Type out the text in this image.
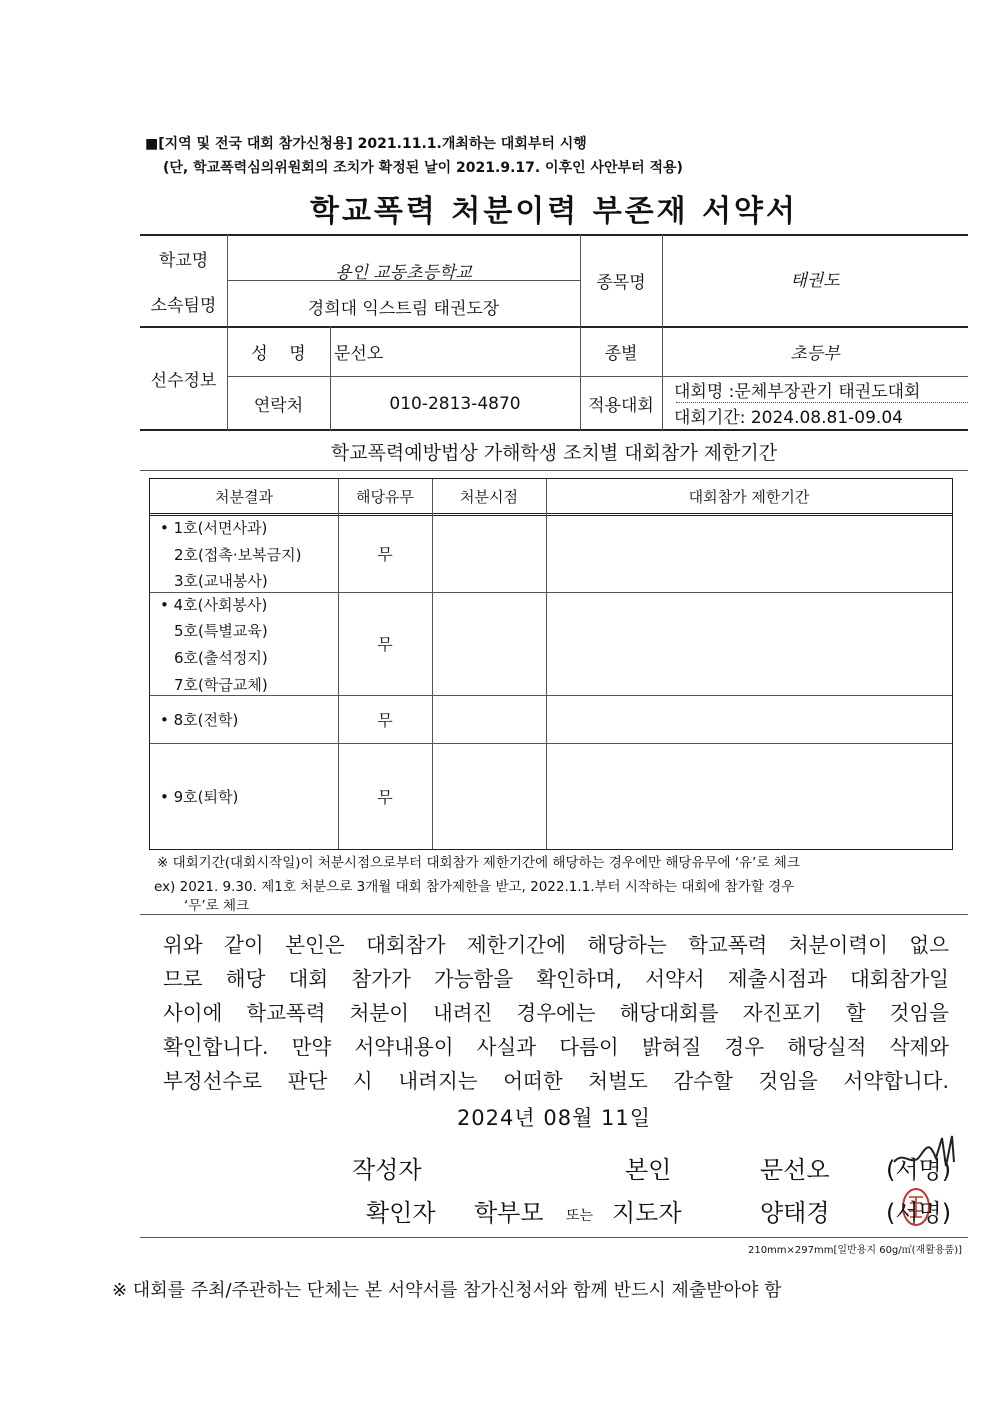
■[지역 및 전국 대회 참가신청용] 2021.11.1.개최하는 대회부터 시행
(단, 학교폭력심의위원회의 조치가 확정된 날이 2021.9.17. 이후인 사안부터 적용)
학교폭력 처분이력 부존재 서약서
학교명
용인 교동초등학교
소속팀명	경희대 익스트림 태권도장
종목명	태권도
선수정보
성    명	문선오	종별	초등부
연락처	010-2813-4870	적용대회
대회명 :문체부장관기 태권도대회
대회기간: 2024.08.81-09.04
학교폭력예방법상 가해학생 조치별 대회참가 제한기간
처분결과	해당유무	처분시점	대회참가 제한기간
• 1호(서면사과)
2호(접촉·보복금지)
3호(교내봉사)
무
• 4호(사회봉사)
5호(특별교육)
6호(출석정지)
7호(학급교체)
무
• 8호(전학)	무
• 9호(퇴학)	무
※ 대회기간(대회시작일)이 처분시점으로부터 대회참가 제한기간에 해당하는 경우에만 해당유무에 ‘유’로 체크
ex) 2021. 9.30. 제1호 처분으로 3개월 대회 참가제한을 받고, 2022.1.1.부터 시작하는 대회에 참가할 경우
‘무’로 체크
위와 같이 본인은 대회참가 제한기간에 해당하는 학교폭력 처분이력이 없으
므로 해당 대회 참가가 가능함을 확인하며, 서약서 제출시점과 대회참가일
사이에 학교폭력 처분이 내려진 경우에는 해당대회를 자진포기 할 것임을
확인합니다. 만약 서약내용이 사실과 다름이 밝혀질 경우 해당실적 삭제와
부정선수로 판단 시 내려지는 어떠한 처벌도 감수할 것임을 서약합니다.
2024년 08월 11일
작성자	본인	문선오 (서명)
확인자 학부모 또는 지도자	양태경 (서명)
210mm×297mm[일반용지 60g/㎡(재활용품)]
※ 대회를 주최/주관하는 단체는 본 서약서를 참가신청서와 함께 반드시 제출받아야 함
